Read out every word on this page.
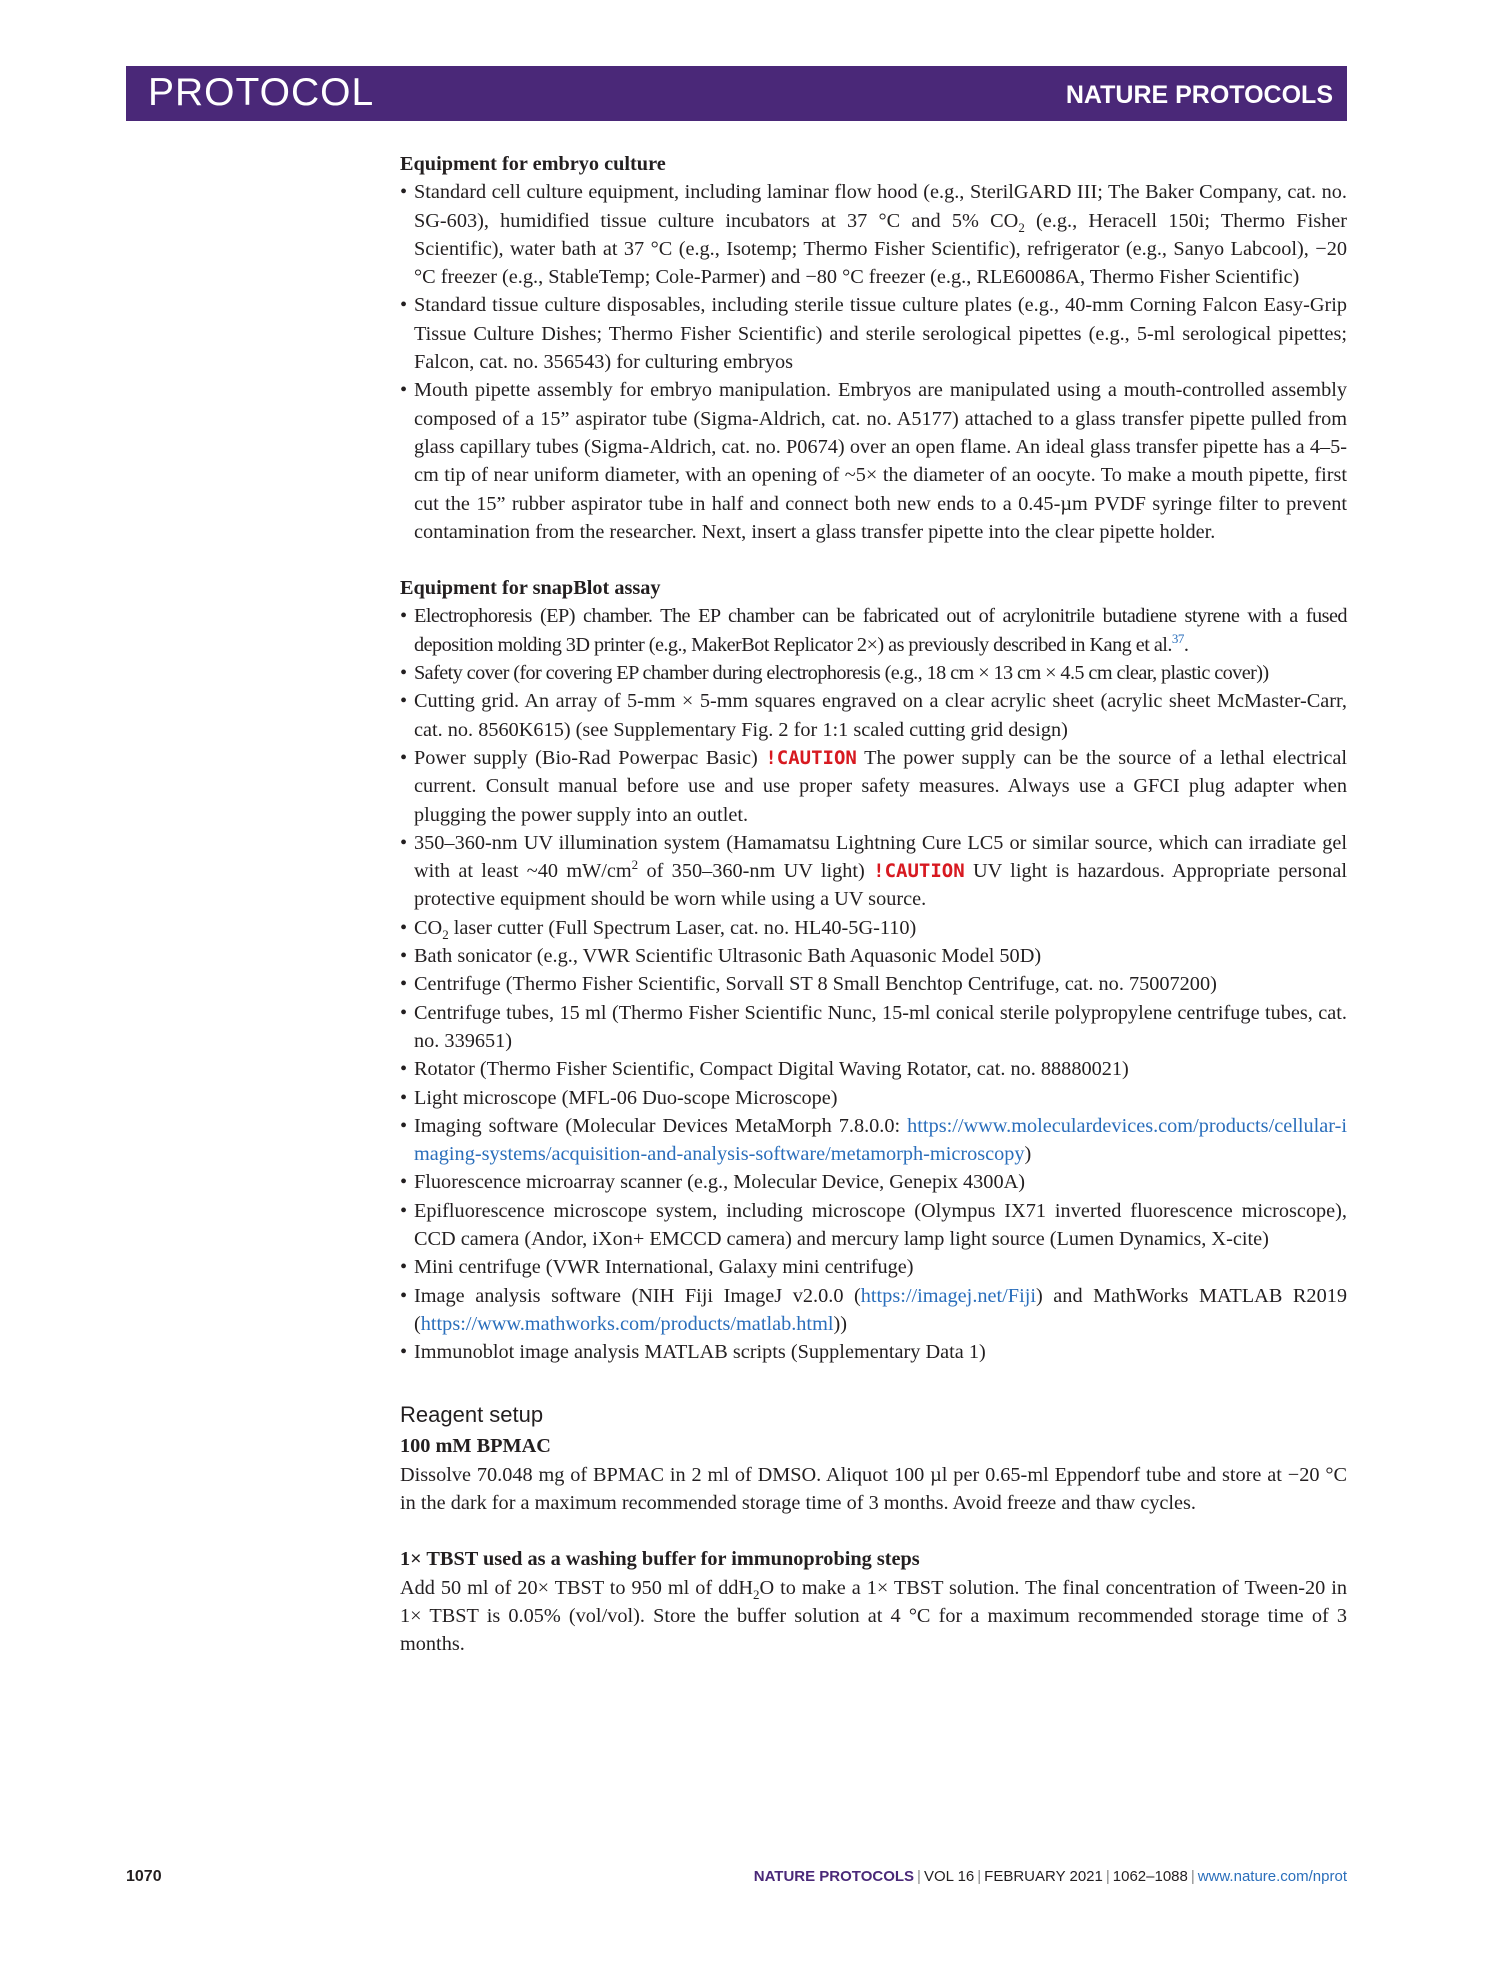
PROTOCOL	NATURE PROTOCOLS
Equipment for embryo culture
• Standard cell culture equipment, including laminar flow hood (e.g., SterilGARD III; The Baker Company, cat. no. SG-603), humidified tissue culture incubators at 37 °C and 5% $CO_2$ (e.g., Heracell 150i; Thermo Fisher Scientific), water bath at 37 °C (e.g., Isotemp; Thermo Fisher Scientific), refrigerator (e.g., Sanyo Labcool), −20 °C freezer (e.g., StableTemp; Cole-Parmer) and −80 °C freezer (e.g., RLE60086A, Thermo Fisher Scientific)
• Standard tissue culture disposables, including sterile tissue culture plates (e.g., 40-mm Corning Falcon Easy-Grip Tissue Culture Dishes; Thermo Fisher Scientific) and sterile serological pipettes (e.g., 5-ml serological pipettes; Falcon, cat. no. 356543) for culturing embryos
• Mouth pipette assembly for embryo manipulation. Embryos are manipulated using a mouth-controlled assembly composed of a 15” aspirator tube (Sigma-Aldrich, cat. no. A5177) attached to a glass transfer pipette pulled from glass capillary tubes (Sigma-Aldrich, cat. no. P0674) over an open flame. An ideal glass transfer pipette has a 4–5-cm tip of near uniform diameter, with an opening of ~5× the diameter of an oocyte. To make a mouth pipette, first cut the 15” rubber aspirator tube in half and connect both new ends to a 0.45-µm PVDF syringe filter to prevent contamination from the researcher. Next, insert a glass transfer pipette into the clear pipette holder.
Equipment for snapBlot assay
• Electrophoresis (EP) chamber. The EP chamber can be fabricated out of acrylonitrile butadiene styrene with a fused deposition molding 3D printer (e.g., MakerBot Replicator 2×) as previously described in Kang et al.$^{37}$.
• Safety cover (for covering EP chamber during electrophoresis (e.g., 18 cm × 13 cm × 4.5 cm clear, plastic cover))
• Cutting grid. An array of 5-mm × 5-mm squares engraved on a clear acrylic sheet (acrylic sheet McMaster-Carr, cat. no. 8560K615) (see Supplementary Fig. 2 for 1:1 scaled cutting grid design)
• Power supply (Bio-Rad Powerpac Basic) !CAUTION The power supply can be the source of a lethal electrical current. Consult manual before use and use proper safety measures. Always use a GFCI plug adapter when plugging the power supply into an outlet.
• 350–360-nm UV illumination system (Hamamatsu Lightning Cure LC5 or similar source, which can irradiate gel with at least ~40 $mW/cm^2$ of 350–360-nm UV light) !CAUTION UV light is hazardous. Appropriate personal protective equipment should be worn while using a UV source.
• $CO_2$ laser cutter (Full Spectrum Laser, cat. no. HL40-5G-110)
• Bath sonicator (e.g., VWR Scientific Ultrasonic Bath Aquasonic Model 50D)
• Centrifuge (Thermo Fisher Scientific, Sorvall ST 8 Small Benchtop Centrifuge, cat. no. 75007200)
• Centrifuge tubes, 15 ml (Thermo Fisher Scientific Nunc, 15-ml conical sterile polypropylene centrifuge tubes, cat. no. 339651)
• Rotator (Thermo Fisher Scientific, Compact Digital Waving Rotator, cat. no. 88880021)
• Light microscope (MFL-06 Duo-scope Microscope)
• Imaging software (Molecular Devices MetaMorph 7.8.0.0: https://www.moleculardevices.com/products/cellular-imaging-systems/acquisition-and-analysis-software/metamorph-microscopy)
• Fluorescence microarray scanner (e.g., Molecular Device, Genepix 4300A)
• Epifluorescence microscope system, including microscope (Olympus IX71 inverted fluorescence microscope), CCD camera (Andor, iXon+ EMCCD camera) and mercury lamp light source (Lumen Dynamics, X-cite)
• Mini centrifuge (VWR International, Galaxy mini centrifuge)
• Image analysis software (NIH Fiji ImageJ v2.0.0 (https://imagej.net/Fiji) and MathWorks MATLAB R2019 (https://www.mathworks.com/products/matlab.html))
• Immunoblot image analysis MATLAB scripts (Supplementary Data 1)
Reagent setup
100 mM BPMAC

Dissolve 70.048 mg of BPMAC in 2 ml of DMSO. Aliquot 100 µl per 0.65-ml Eppendorf tube and store at −20 °C in the dark for a maximum recommended storage time of 3 months. Avoid freeze and thaw cycles.

1× TBST used as a washing buffer for immunoprobing steps

Add 50 ml of 20× TBST to 950 ml of ddH$_2$O to make a 1× TBST solution. The final concentration of Tween-20 in 1× TBST is 0.05% (vol/vol). Store the buffer solution at 4 °C for a maximum recommended storage time of 3 months.

1070	NATURE PROTOCOLS | VOL 16 | FEBRUARY 2021 | 1062–1088 | www.nature.com/nprot
